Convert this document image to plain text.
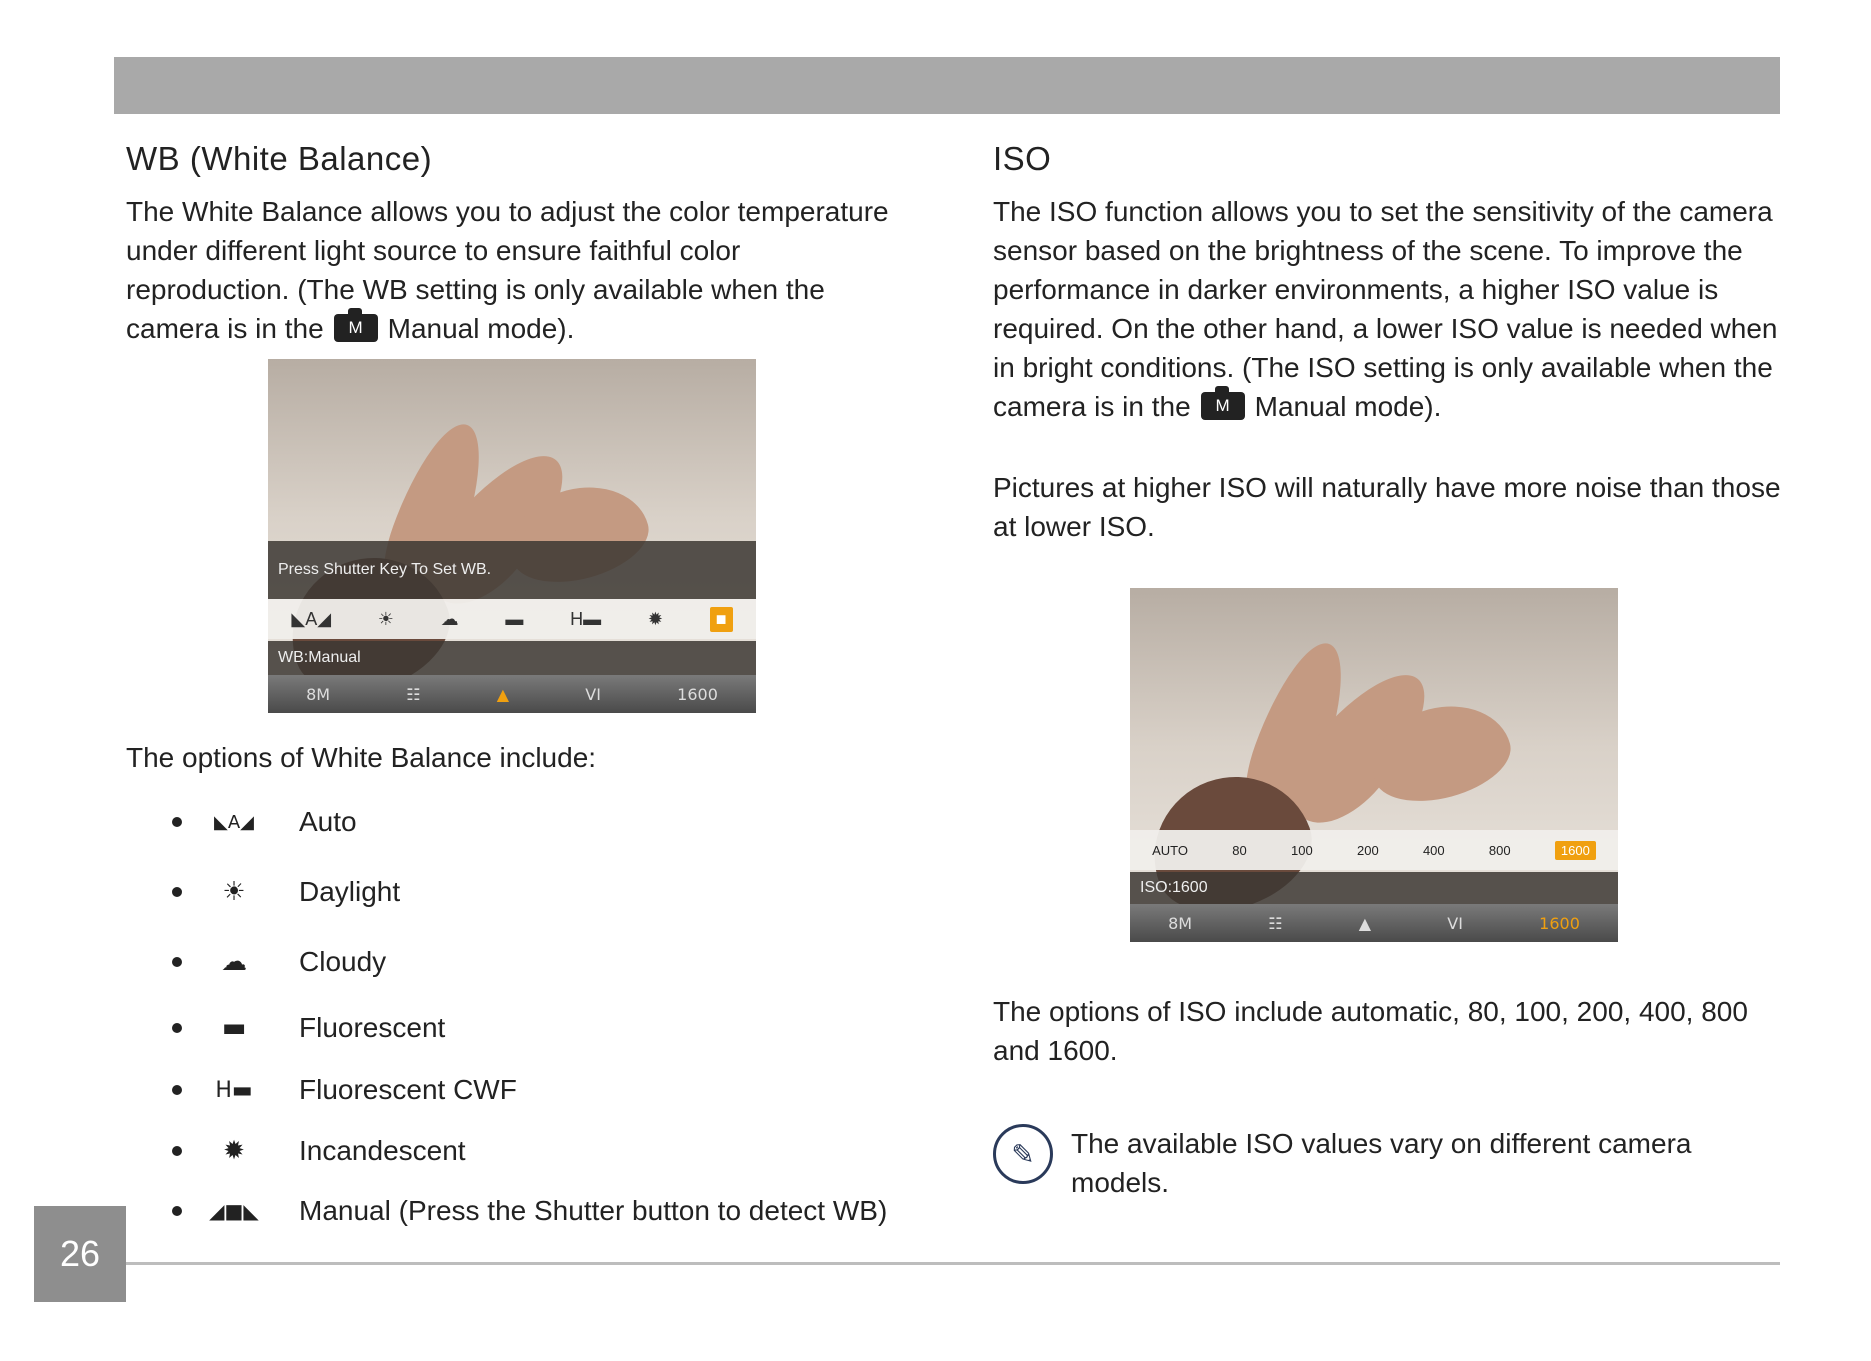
WB (White Balance)

The White Balance allows you to adjust the color temperature under different light source to ensure faithful color reproduction. (The WB setting is only available when the camera is in the M Manual mode).

Press Shutter Key To Set WB.
◣A◢	☀	☁	▬	H▬	✹	■
WB:Manual
8M	☷	▲	VI	1600
The options of White Balance include:
◣A◢	Auto
☀	Daylight
☁	Cloudy
▬	Fluorescent
H▬	Fluorescent CWF
✹	Incandescent
◢■◣ Manual (Press the Shutter button to detect WB)
ISO

The ISO function allows you to set the sensitivity of the camera sensor based on the brightness of the scene. To improve the performance in darker environments, a higher ISO value is required. On the other hand, a lower ISO value is needed when in bright conditions. (The ISO setting is only available when the camera is in the M Manual mode).

Pictures at higher ISO will naturally have more noise than those at lower ISO.

AUTO	80	100	200	400	800	1600
ISO:1600
8M	☷	▲	VI	1600

The options of ISO include automatic, 80, 100, 200, 400, 800 and 1600.

✎	The available ISO values vary on different camera models.
26
